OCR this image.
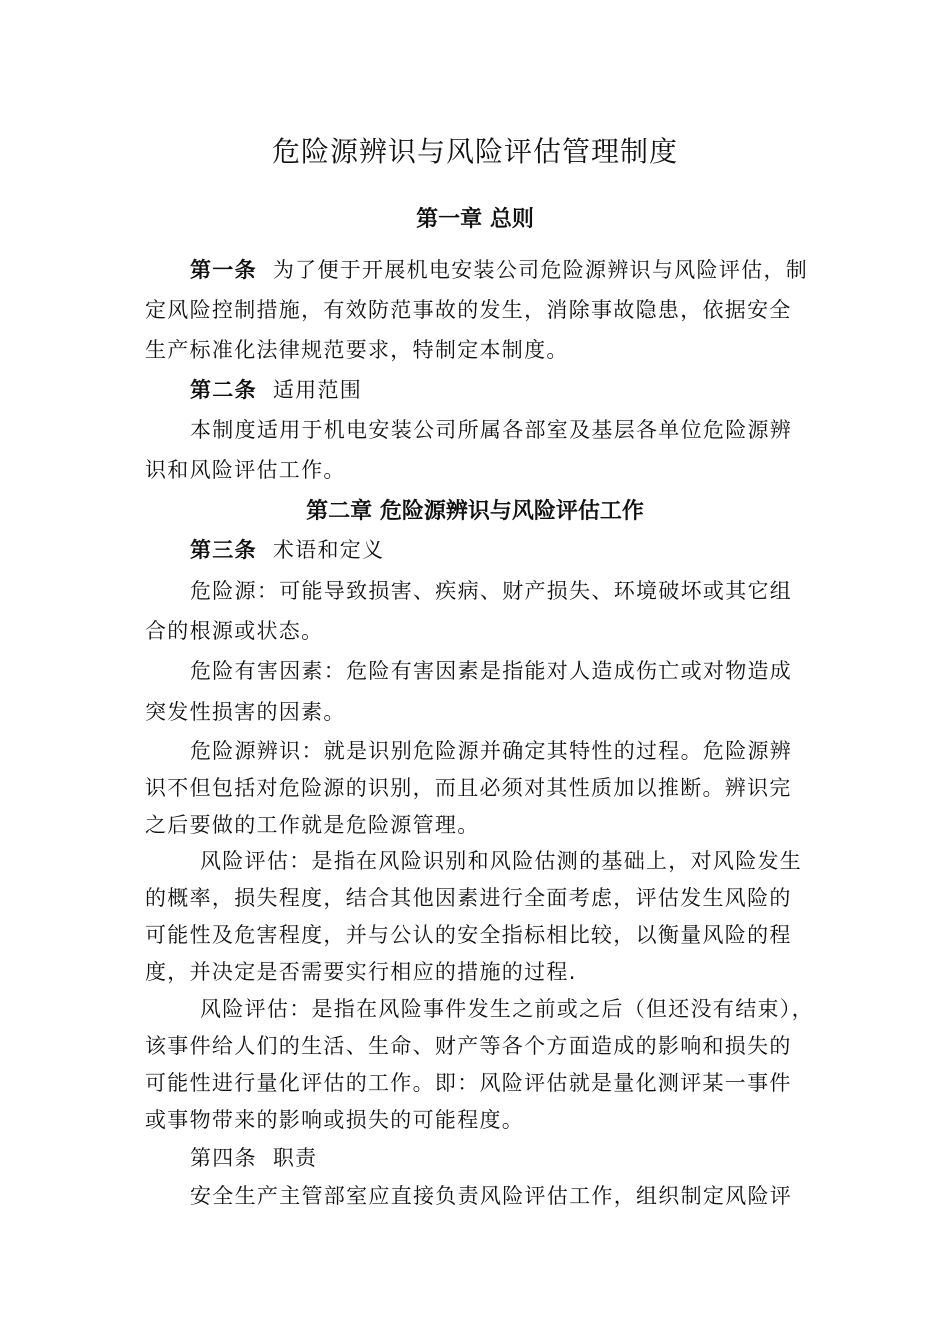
危险源辨识与风险评估管理制度
第一章 总则
第一条 为了便于开展机电安装公司危险源辨识与风险评估，制
定风险控制措施，有效防范事故的发生，消除事故隐患，依据安全
生产标准化法律规范要求，特制定本制度。
第二条 适用范围
本制度适用于机电安装公司所属各部室及基层各单位危险源辨
识和风险评估工作。
第二章 危险源辨识与风险评估工作
第三条 术语和定义
危险源：可能导致损害、疾病、财产损失、环境破坏或其它组
合的根源或状态。
危险有害因素：危险有害因素是指能对人造成伤亡或对物造成
突发性损害的因素。
危险源辨识：就是识别危险源并确定其特性的过程。危险源辨
识不但包括对危险源的识别，而且必须对其性质加以推断。辨识完
之后要做的工作就是危险源管理。
风险评估：是指在风险识别和风险估测的基础上，对风险发生
的概率，损失程度，结合其他因素进行全面考虑，评估发生风险的
可能性及危害程度，并与公认的安全指标相比较，以衡量风险的程
度，并决定是否需要实行相应的措施的过程.
风险评估：是指在风险事件发生之前或之后（但还没有结束），
该事件给人们的生活、生命、财产等各个方面造成的影响和损失的
可能性进行量化评估的工作。即：风险评估就是量化测评某一事件
或事物带来的影响或损失的可能程度。
第四条 职责
安全生产主管部室应直接负责风险评估工作，组织制定风险评
